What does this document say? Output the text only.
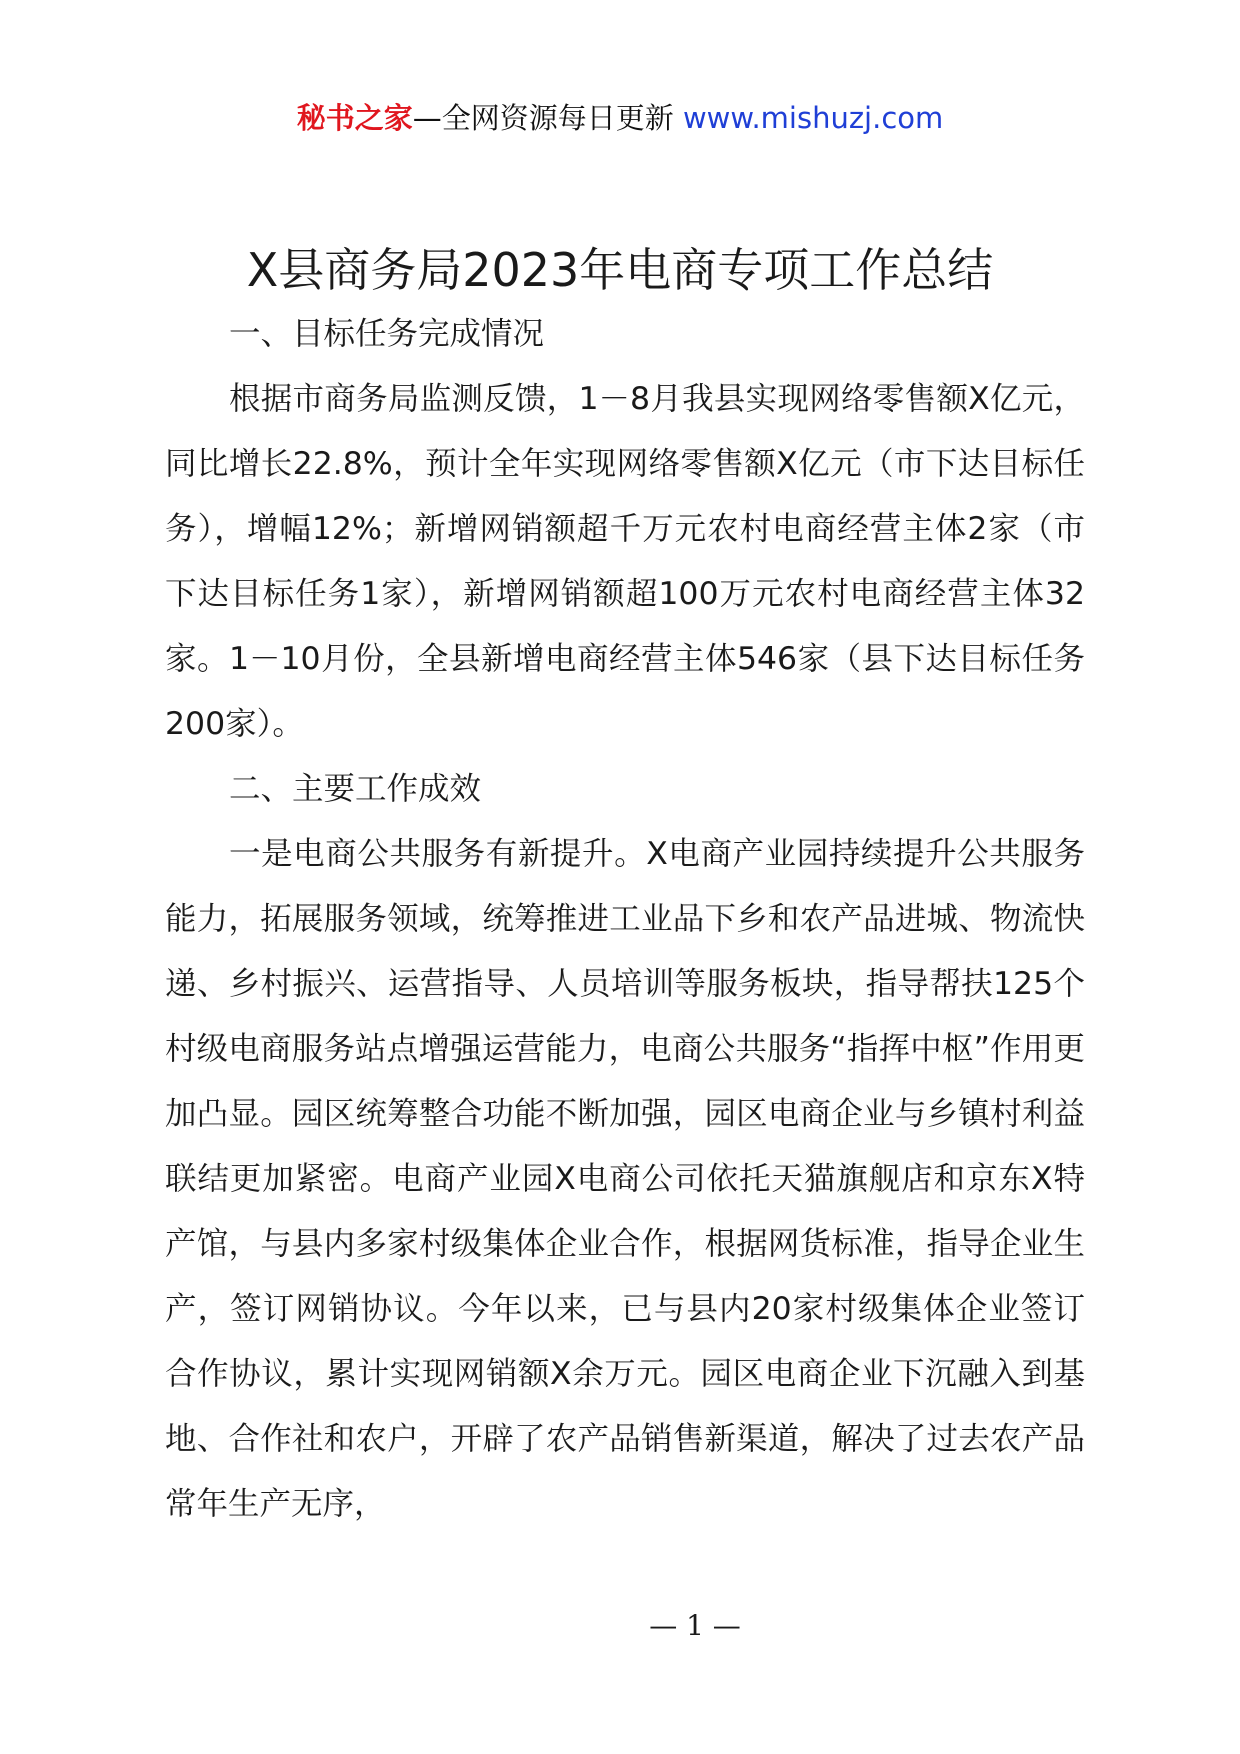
秘书之家—全网资源每日更新 www.mishuzj.com
X县商务局2023年电商专项工作总结
一、目标任务完成情况

根据市商务局监测反馈，1－8月我县实现网络零售额X亿元，同比增长22.8%，预计全年实现网络零售额X亿元（市下达目标任务），增幅12%；新增网销额超千万元农村电商经营主体2家（市下达目标任务1家），新增网销额超100万元农村电商经营主体32家。1－10月份，全县新增电商经营主体546家（县下达目标任务200家）。

二、主要工作成效

一是电商公共服务有新提升。X电商产业园持续提升公共服务能力，拓展服务领域，统筹推进工业品下乡和农产品进城、物流快递、乡村振兴、运营指导、人员培训等服务板块，指导帮扶125个村级电商服务站点增强运营能力，电商公共服务“指挥中枢”作用更加凸显。园区统筹整合功能不断加强，园区电商企业与乡镇村利益联结更加紧密。电商产业园X电商公司依托天猫旗舰店和京东X特产馆，与县内多家村级集体企业合作，根据网货标准，指导企业生产，签订网销协议。今年以来，已与县内20家村级集体企业签订合作协议，累计实现网销额X余万元。园区电商企业下沉融入到基地、合作社和农户，开辟了农产品销售新渠道，解决了过去农产品常年生产无序，

— 1 —
